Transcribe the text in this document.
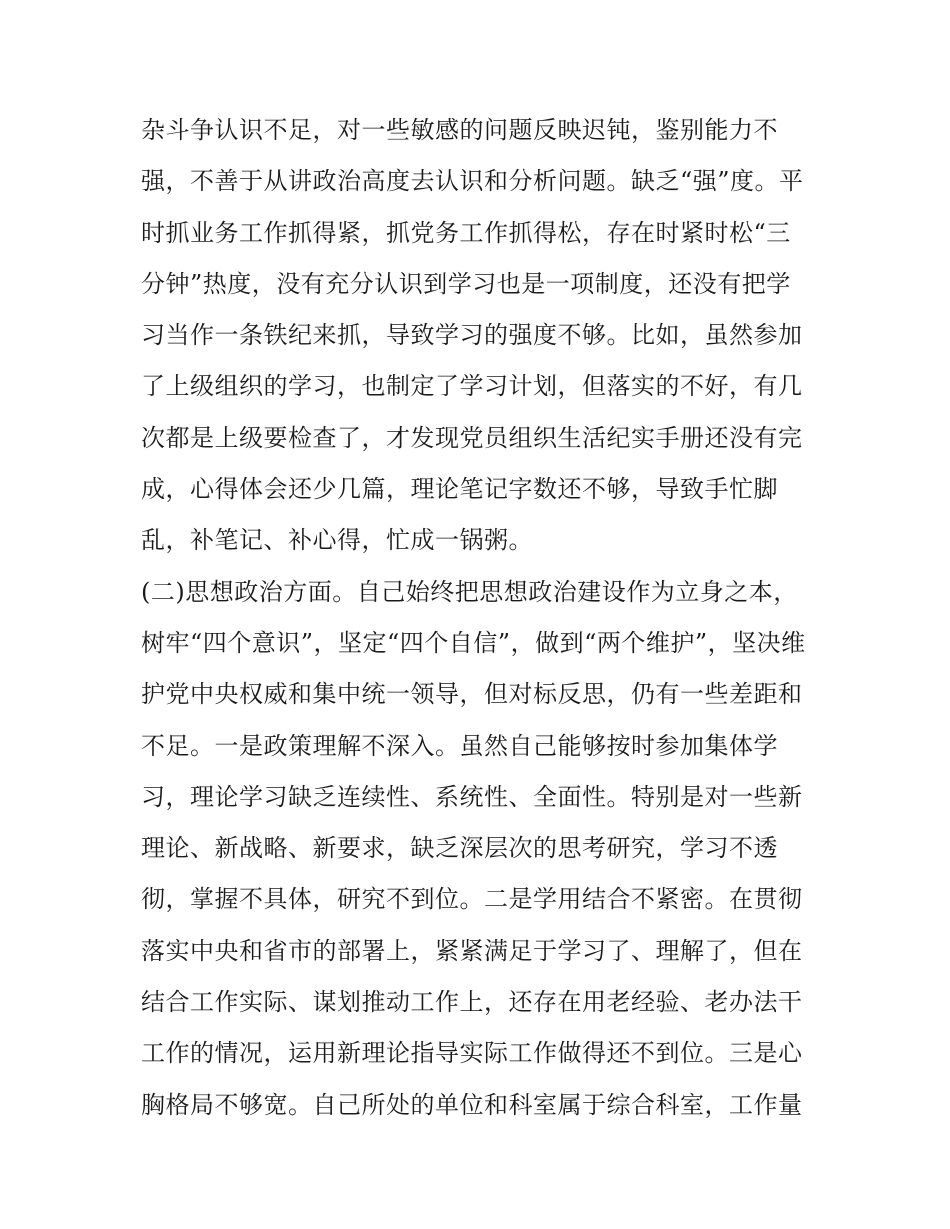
杂斗争认识不足，对一些敏感的问题反映迟钝，鉴别能力不
强，不善于从讲政治高度去认识和分析问题。缺乏“强”度。平
时抓业务工作抓得紧，抓党务工作抓得松，存在时紧时松“三
分钟”热度，没有充分认识到学习也是一项制度，还没有把学
习当作一条铁纪来抓，导致学习的强度不够。比如，虽然参加
了上级组织的学习，也制定了学习计划，但落实的不好，有几
次都是上级要检查了，才发现党员组织生活纪实手册还没有完
成，心得体会还少几篇，理论笔记字数还不够，导致手忙脚
乱，补笔记、补心得，忙成一锅粥。
(二)思想政治方面。自己始终把思想政治建设作为立身之本，
树牢“四个意识”，坚定“四个自信”，做到“两个维护”，坚决维
护党中央权威和集中统一领导，但对标反思，仍有一些差距和
不足。一是政策理解不深入。虽然自己能够按时参加集体学
习，理论学习缺乏连续性、系统性、全面性。特别是对一些新
理论、新战略、新要求，缺乏深层次的思考研究，学习不透
彻，掌握不具体，研究不到位。二是学用结合不紧密。在贯彻
落实中央和省市的部署上，紧紧满足于学习了、理解了，但在
结合工作实际、谋划推动工作上，还存在用老经验、老办法干
工作的情况，运用新理论指导实际工作做得还不到位。三是心
胸格局不够宽。自己所处的单位和科室属于综合科室，工作量
